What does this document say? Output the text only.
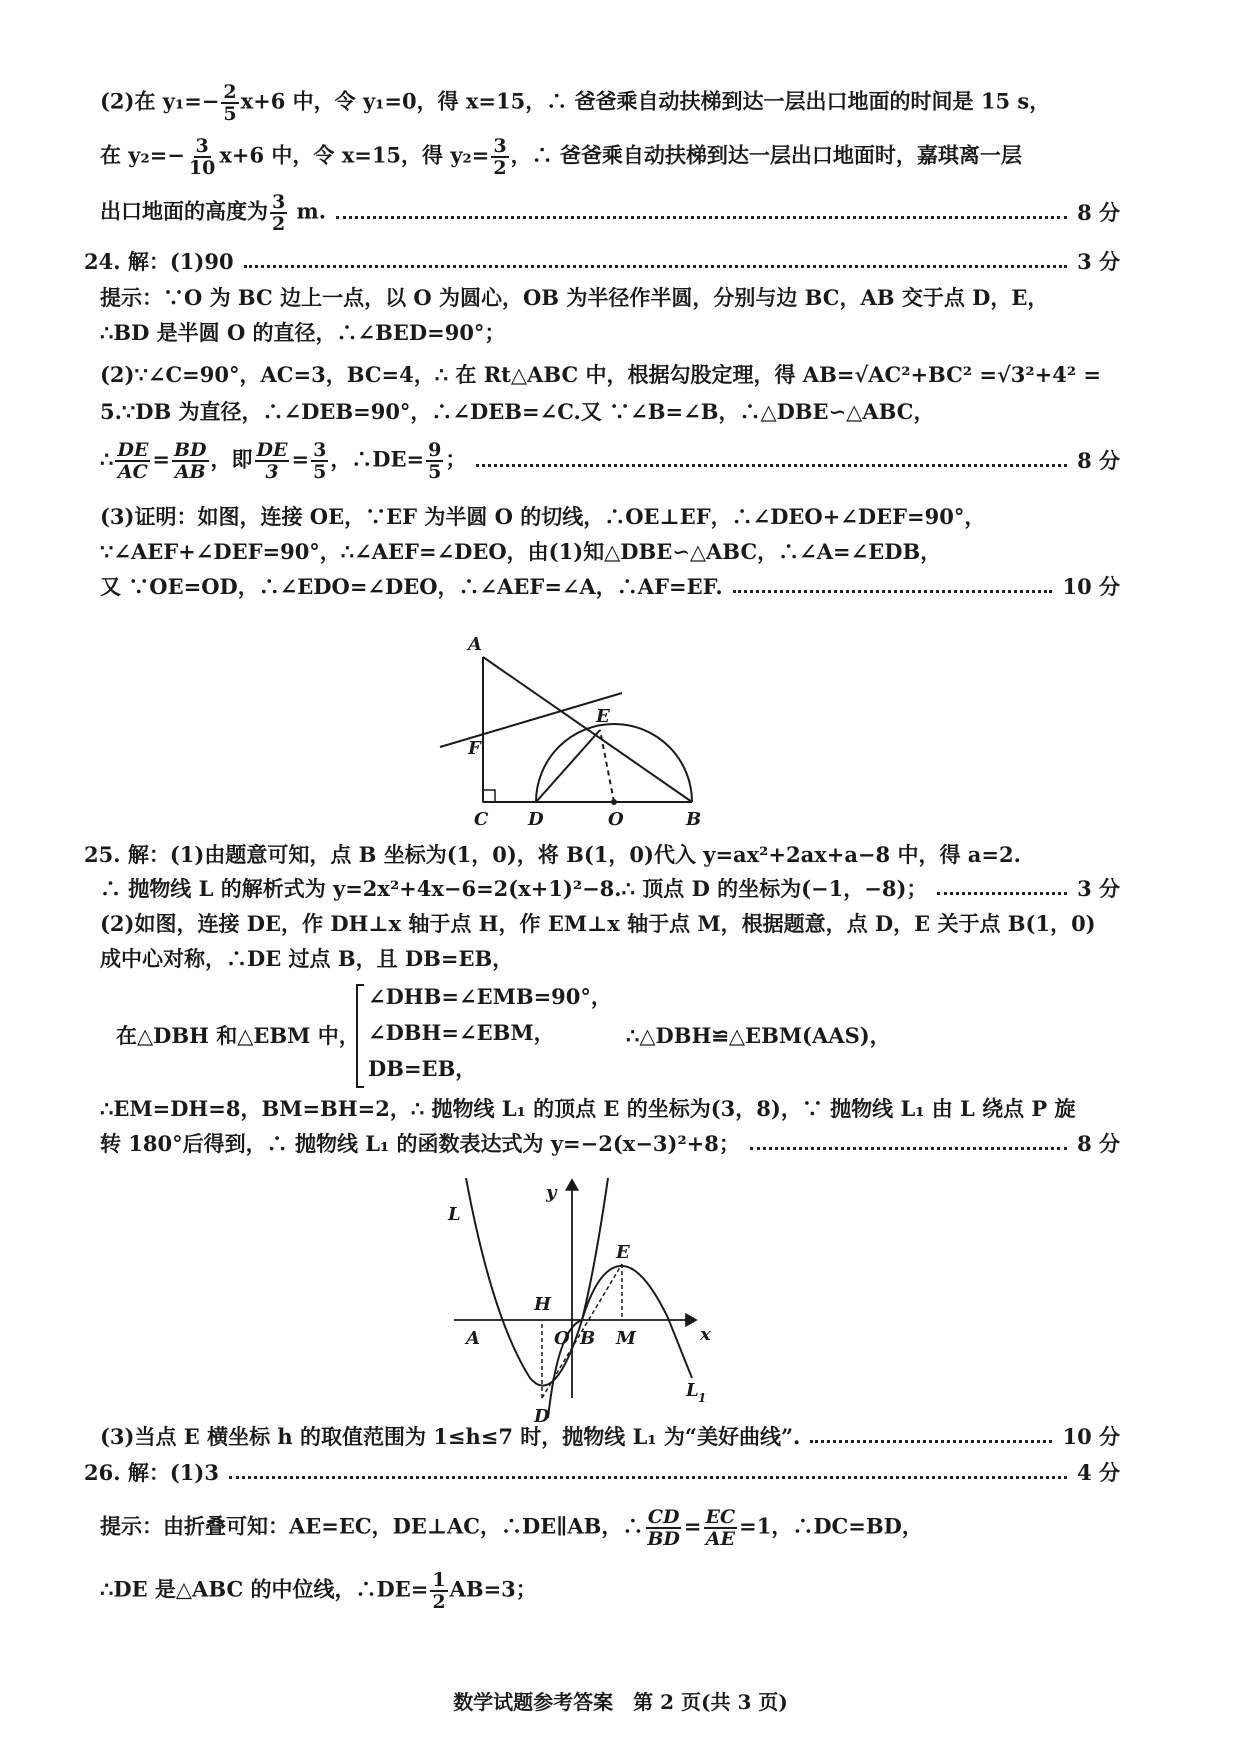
(2)在 $y_1=- \frac{2}{5} x+6$ 中，令 y₁=0，得 x=15，∴ 爸爸乘自动扶梯到达一层出口地面的时间是 15 s，
在 $y_2=- \frac{3}{10} x+6$ 中，令 x=15，得 $y_2= \frac{3}{2}$ ，∴ 爸爸乘自动扶梯到达一层出口地面时，嘉琪离一层
出口地面的高度为 $\frac{3}{2} m$.	8 分
24. 解：(1)90	3 分
提示：∵O 为 BC 边上一点，以 O 为圆心，OB 为半径作半圆，分别与边 BC，AB 交于点 D，E，
∴BD 是半圆 O 的直径，∴∠BED=90°；
(2)∵∠C=90°，AC=3，BC=4，∴ 在 Rt△ABC 中，根据勾股定理，得 AB=√AC²+BC² =√3²+4² =
5.∵DB 为直径，∴∠DEB=90°，∴∠DEB=∠C.又 ∵∠B=∠B，∴△DBE∽△ABC，
∴ $\frac{DE}{AC} = \frac{BD}{AB}$ ，即 $\frac{DE}{3} = \frac{3}{5}$ ，∴DE= $\frac{9}{5}$ ；	8 分
(3)证明：如图，连接 OE，∵EF 为半圆 O 的切线，∴OE⊥EF，∴∠DEO+∠DEF=90°，
∵∠AEF+∠DEF=90°，∴∠AEF=∠DEO，由(1)知△DBE∽△ABC，∴∠A=∠EDB，
又 ∵OE=OD，∴∠EDO=∠DEO，∴∠AEF=∠A，∴AF=EF.	10 分
A
E
F
C D	O	B
25. 解：(1)由题意可知，点 B 坐标为(1，0)，将 B(1，0)代入 y=ax²+2ax+a−8 中，得 a=2.
∴ 抛物线 L 的解析式为 y=2x²+4x−6=2(x+1)²−8.∴ 顶点 D 的坐标为(−1，−8)；	3 分
(2)如图，连接 DE，作 DH⊥x 轴于点 H，作 EM⊥x 轴于点 M，根据题意，点 D，E 关于点 B(1，0)
成中心对称，∴DE 过点 B，且 DB=EB，
在△DBH 和△EBM 中，
∠DHB=∠EMB=90°，
∠DBH=∠EBM，
DB=EB，
∴△DBH≌△EBM(AAS)，
∴EM=DH=8，BM=BH=2，∴ 抛物线 L₁ 的顶点 E 的坐标为(3，8)，∵ 抛物线 L₁ 由 L 绕点 P 旋
转 180°后得到，∴ 抛物线 L₁ 的函数表达式为 y=−2(x−3)²+8；	8 分
y
x
L
E
H
A	O B M
D
L 1
(3)当点 E 横坐标 h 的取值范围为 1≤h≤7 时，抛物线 L₁ 为“美好曲线”.	10 分
26. 解：(1)3	4 分
提示：由折叠可知：AE=EC，DE⊥AC，∴DE∥AB，∴ $\frac{CD}{BD} = \frac{EC}{AE} =1$，∴DC=BD，
∴DE 是△ABC 的中位线，∴DE= $\frac{1}{2} AB=3$；
数学试题参考答案　第 2 页(共 3 页)
